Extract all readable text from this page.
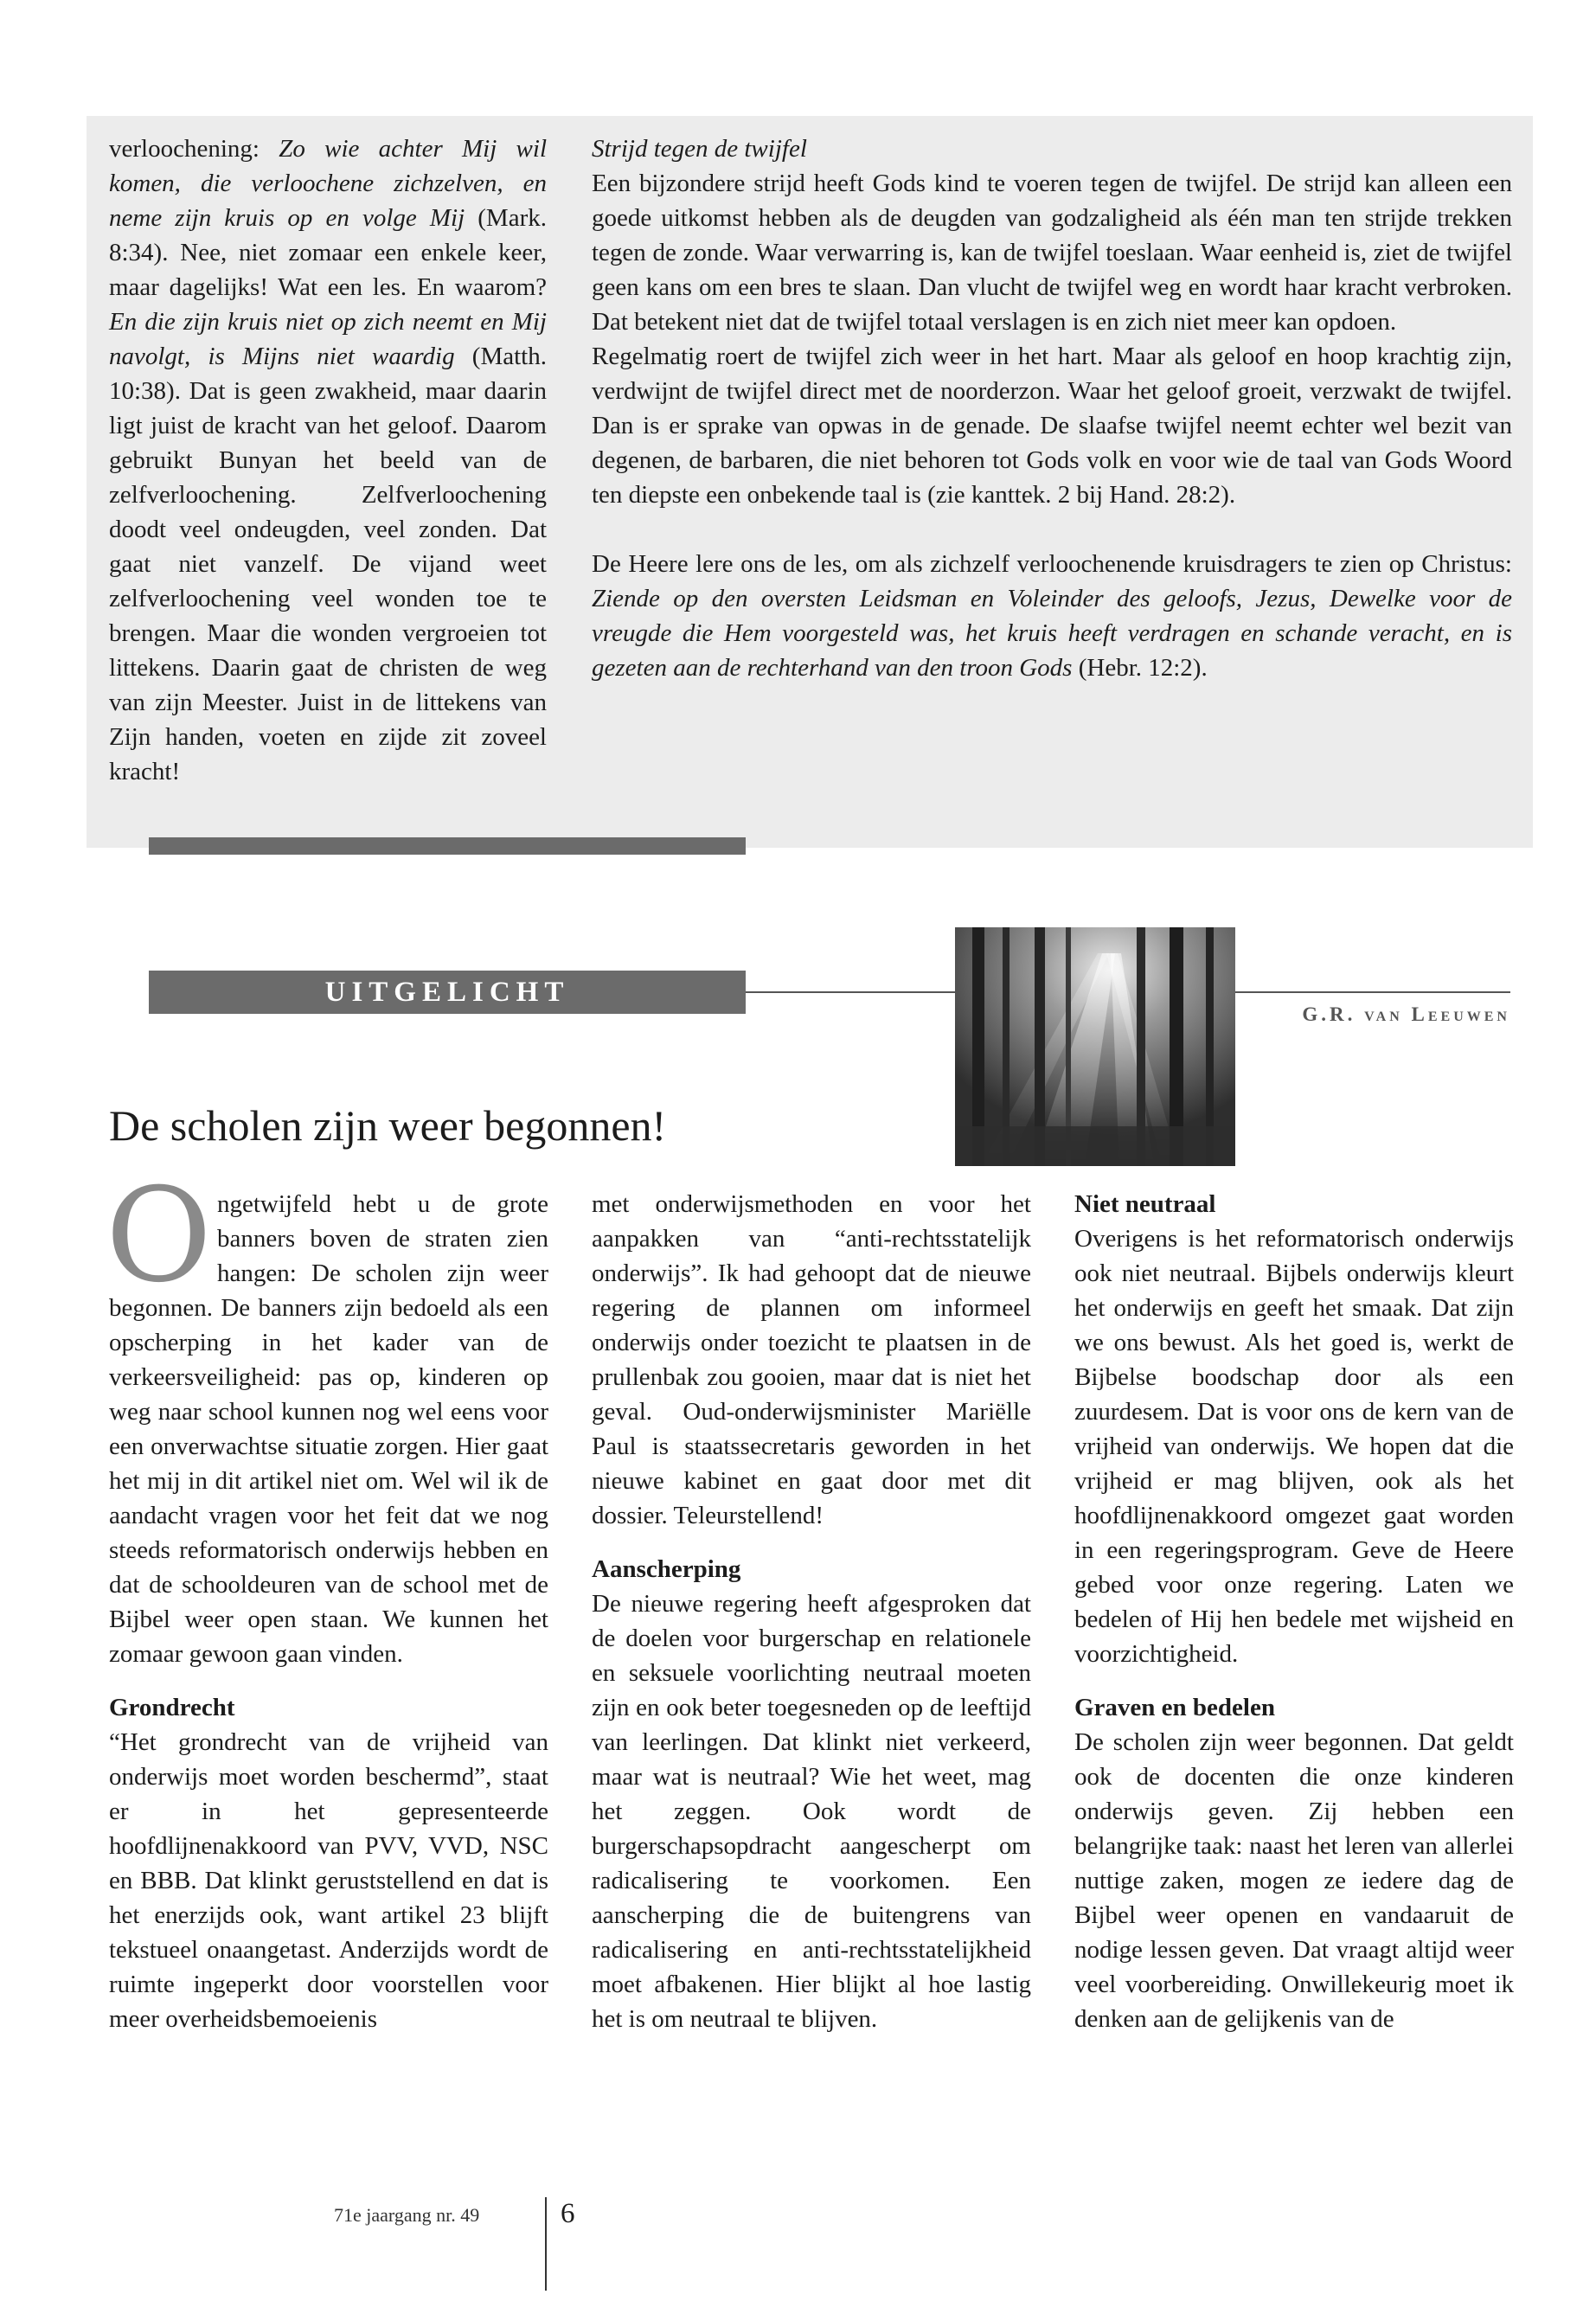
verloochening: Zo wie achter Mij wil komen, die verloochene zichzelven, en neme zijn kruis op en volge Mij (Mark. 8:34). Nee, niet zomaar een enkele keer, maar dagelijks! Wat een les. En waarom? En die zijn kruis niet op zich neemt en Mij navolgt, is Mijns niet waardig (Matth. 10:38). Dat is geen zwakheid, maar daarin ligt juist de kracht van het geloof. Daarom gebruikt Bunyan het beeld van de zelfverloochening. Zelfverloochening doodt veel ondeugden, veel zonden. Dat gaat niet vanzelf. De vijand weet zelfverloochening veel wonden toe te brengen. Maar die wonden vergroeien tot littekens. Daarin gaat de christen de weg van zijn Meester. Juist in de littekens van Zijn handen, voeten en zijde zit zoveel kracht!

Strijd tegen de twijfel

Een bijzondere strijd heeft Gods kind te voeren tegen de twijfel. De strijd kan alleen een goede uitkomst hebben als de deugden van godzaligheid als één man ten strijde trekken tegen de zonde. Waar verwarring is, kan de twijfel toeslaan. Waar eenheid is, ziet de twijfel geen kans om een bres te slaan. Dan vlucht de twijfel weg en wordt haar kracht verbroken. Dat betekent niet dat de twijfel totaal verslagen is en zich niet meer kan opdoen.

Regelmatig roert de twijfel zich weer in het hart. Maar als geloof en hoop krachtig zijn, verdwijnt de twijfel direct met de noorderzon. Waar het geloof groeit, verzwakt de twijfel. Dan is er sprake van opwas in de genade. De slaafse twijfel neemt echter wel bezit van degenen, de barbaren, die niet behoren tot Gods volk en voor wie de taal van Gods Woord ten diepste een onbekende taal is (zie kanttek. 2 bij Hand. 28:2).

De Heere lere ons de les, om als zichzelf verloochenende kruisdragers te zien op Christus: Ziende op den oversten Leidsman en Voleinder des geloofs, Jezus, Dewelke voor de vreugde die Hem voorgesteld was, het kruis heeft verdragen en schande veracht, en is gezeten aan de rechterhand van den troon Gods (Hebr. 12:2).

UITGELICHT
G.R. van Leeuwen
De scholen zijn weer begonnen!

Ongetwijfeld hebt u de grote banners boven de straten zien hangen: De scholen zijn weer begonnen. De banners zijn bedoeld als een opscherping in het kader van de verkeersveiligheid: pas op, kinderen op weg naar school kunnen nog wel eens voor een onverwachtse situatie zorgen. Hier gaat het mij in dit artikel niet om. Wel wil ik de aandacht vragen voor het feit dat we nog steeds reformatorisch onderwijs hebben en dat de schooldeuren van de school met de Bijbel weer open staan. We kunnen het zomaar gewoon gaan vinden.

Grondrecht

“Het grondrecht van de vrijheid van onderwijs moet worden beschermd”, staat er in het gepresenteerde hoofdlijnenakkoord van PVV, VVD, NSC en BBB. Dat klinkt geruststellend en dat is het enerzijds ook, want artikel 23 blijft tekstueel onaangetast. Anderzijds wordt de ruimte ingeperkt door voorstellen voor meer overheidsbemoeienis

met onderwijsmethoden en voor het aanpakken van “anti-rechtsstatelijk onderwijs”. Ik had gehoopt dat de nieuwe regering de plannen om informeel onderwijs onder toezicht te plaatsen in de prullenbak zou gooien, maar dat is niet het geval. Oud-onderwijsminister Mariëlle Paul is staatssecretaris geworden in het nieuwe kabinet en gaat door met dit dossier. Teleurstellend!

Aanscherping

De nieuwe regering heeft afgesproken dat de doelen voor burgerschap en relationele en seksuele voorlichting neutraal moeten zijn en ook beter toegesneden op de leeftijd van leerlingen. Dat klinkt niet verkeerd, maar wat is neutraal? Wie het weet, mag het zeggen. Ook wordt de burgerschapsopdracht aangescherpt om radicalisering te voorkomen. Een aanscherping die de buitengrens van radicalisering en anti-rechtsstatelijkheid moet afbakenen. Hier blijkt al hoe lastig het is om neutraal te blijven.

Niet neutraal

Overigens is het reformatorisch onderwijs ook niet neutraal. Bijbels onderwijs kleurt het onderwijs en geeft het smaak. Dat zijn we ons bewust. Als het goed is, werkt de Bijbelse boodschap door als een zuurdesem. Dat is voor ons de kern van de vrijheid van onderwijs. We hopen dat die vrijheid er mag blijven, ook als het hoofdlijnenakkoord omgezet gaat worden in een regeringsprogram. Geve de Heere gebed voor onze regering. Laten we bedelen of Hij hen bedele met wijsheid en voorzichtigheid.

Graven en bedelen

De scholen zijn weer begonnen. Dat geldt ook de docenten die onze kinderen onderwijs geven. Zij hebben een belangrijke taak: naast het leren van allerlei nuttige zaken, mogen ze iedere dag de Bijbel weer openen en vandaaruit de nodige lessen geven. Dat vraagt altijd weer veel voorbereiding. Onwillekeurig moet ik denken aan de gelijkenis van de

71e jaargang nr. 49	6
